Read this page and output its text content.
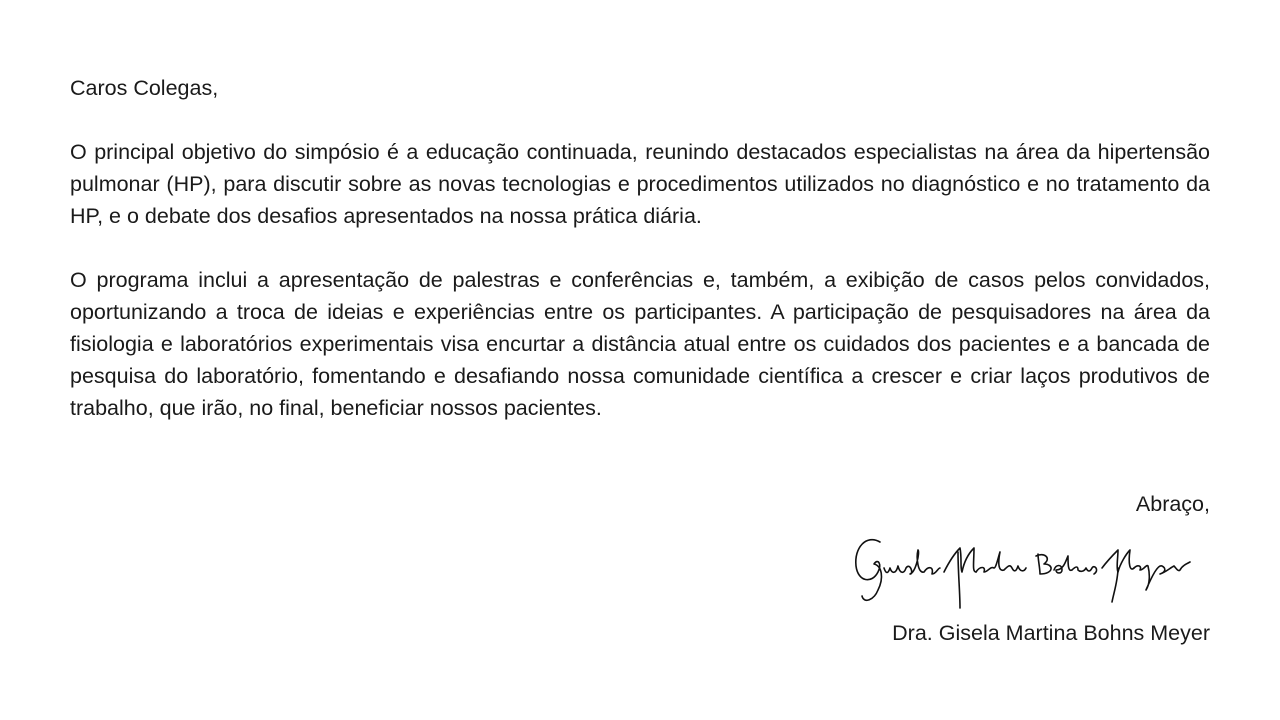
Caros Colegas,

O principal objetivo do simpósio é a educação continuada, reunindo destacados especialistas na área da hipertensão pulmonar (HP), para discutir sobre as novas tecnologias e procedimentos utilizados no diagnóstico e no tratamento da HP, e o debate dos desafios apresentados na nossa prática diária.

O programa inclui a apresentação de palestras e conferências e, também, a exibição de casos pelos convidados, oportunizando a troca de ideias e experiências entre os participantes. A participação de pesquisadores na área da fisiologia e laboratórios experimentais visa encurtar a distância atual entre os cuidados dos pacientes e a bancada de pesquisa do laboratório, fomentando e desafiando nossa comunidade científica a crescer e criar laços produtivos de trabalho, que irão, no final, beneficiar nossos pacientes.

Abraço,
Dra. Gisela Martina Bohns Meyer
